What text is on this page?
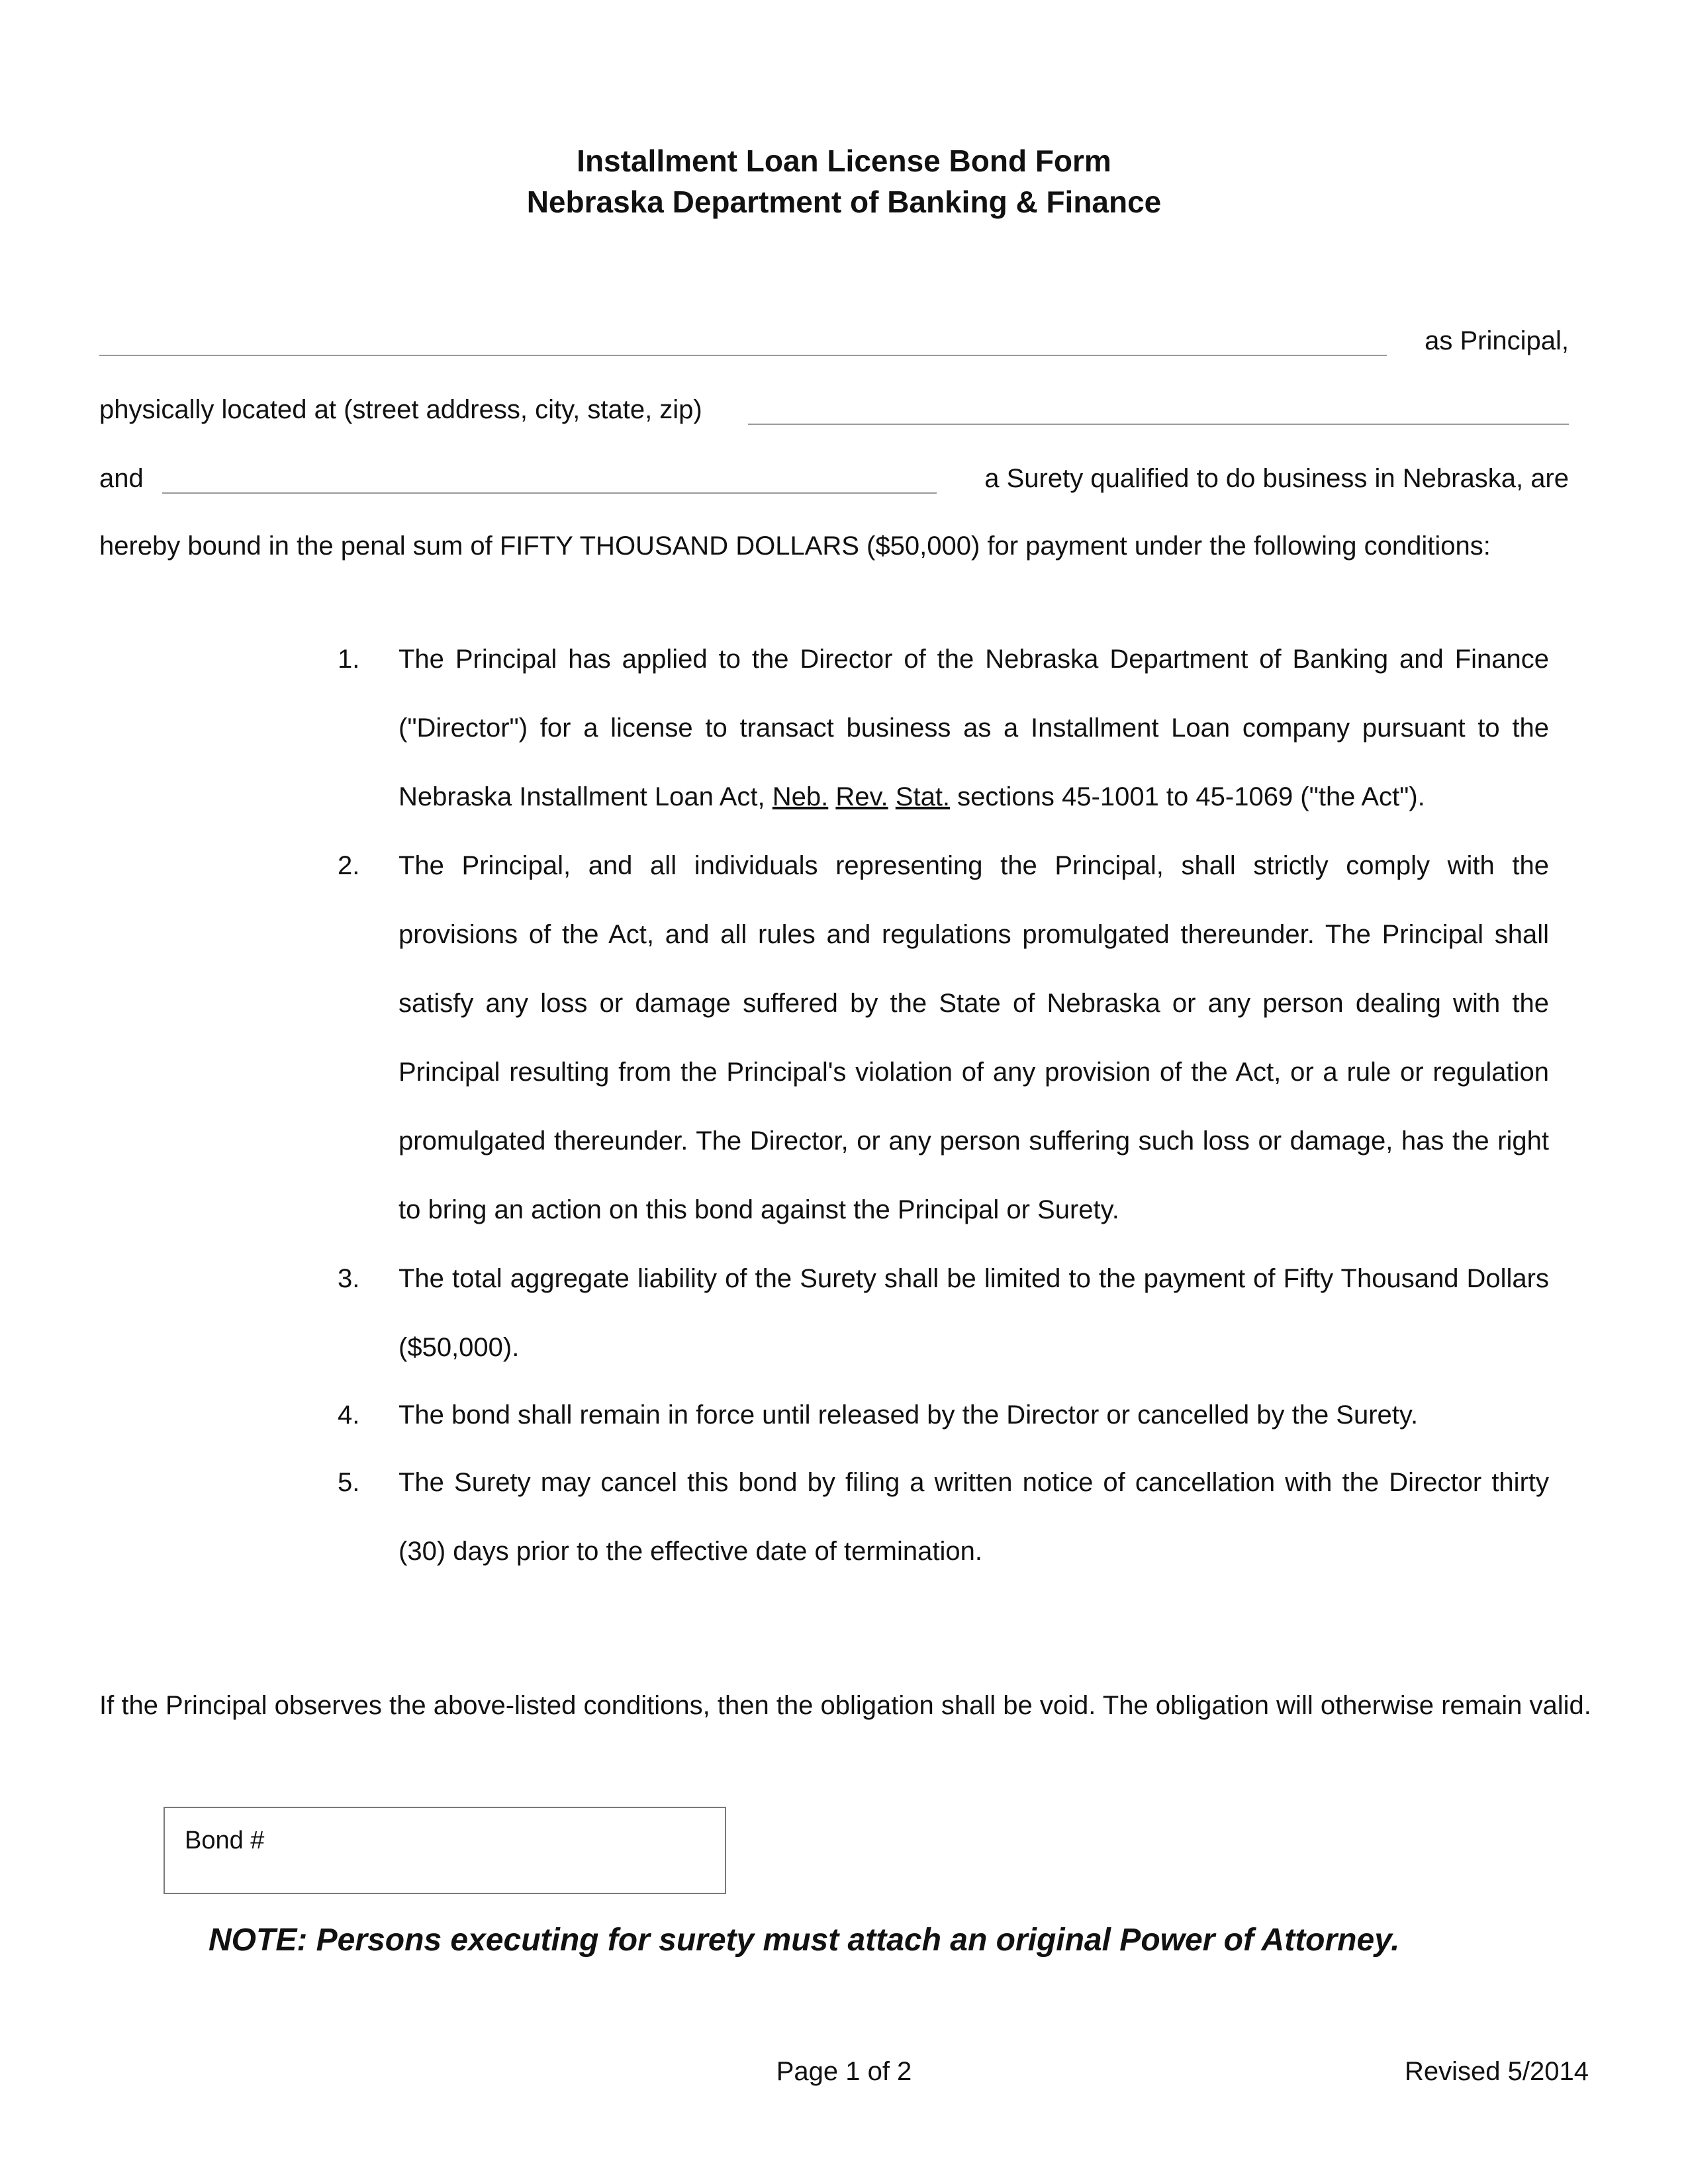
Installment Loan License Bond Form
Nebraska Department of Banking & Finance
as Principal,
physically located at (street address, city, state, zip)
and	a Surety qualified to do business in Nebraska, are
hereby bound in the penal sum of FIFTY THOUSAND DOLLARS ($50,000) for payment under the following conditions:
1. The Principal has applied to the Director of the Nebraska Department of Banking and Finance ("Director") for a license to transact business as a Installment Loan company pursuant to the Nebraska Installment Loan Act, Neb. Rev. Stat. sections 45-1001 to 45-1069 ("the Act").
2. The Principal, and all individuals representing the Principal, shall strictly comply with the provisions of the Act, and all rules and regulations promulgated thereunder. The Principal shall satisfy any loss or damage suffered by the State of Nebraska or any person dealing with the Principal resulting from the Principal's violation of any provision of the Act, or a rule or regulation promulgated thereunder. The Director, or any person suffering such loss or damage, has the right to bring an action on this bond against the Principal or Surety.
3. The total aggregate liability of the Surety shall be limited to the payment of Fifty Thousand Dollars ($50,000).
4. The bond shall remain in force until released by the Director or cancelled by the Surety.
5. The Surety may cancel this bond by filing a written notice of cancellation with the Director thirty (30) days prior to the effective date of termination.
If the Principal observes the above-listed conditions, then the obligation shall be void. The obligation will otherwise remain valid.
Bond #
NOTE: Persons executing for surety must attach an original Power of Attorney.
Page 1 of 2	Revised 5/2014
